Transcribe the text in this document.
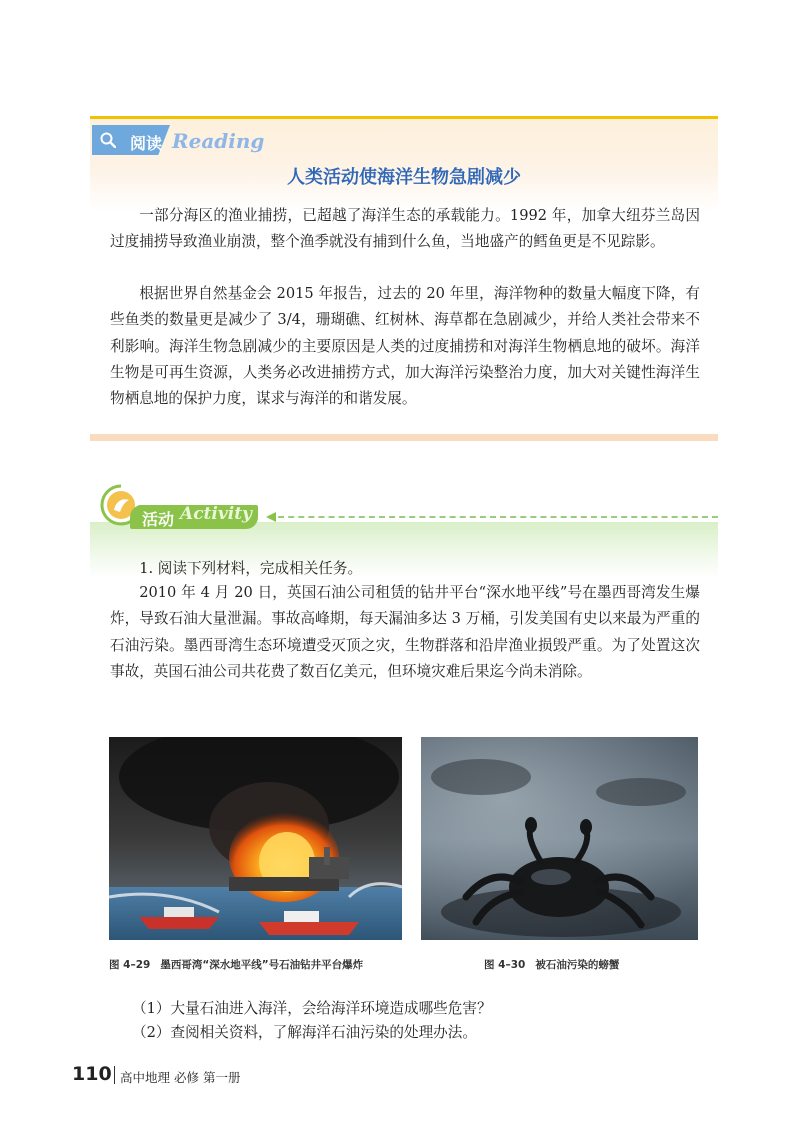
阅读 Reading
人类活动使海洋生物急剧减少
一部分海区的渔业捕捞，已超越了海洋生态的承载能力。1992 年，加拿大纽芬兰岛因过度捕捞导致渔业崩溃，整个渔季就没有捕到什么鱼，当地盛产的鳕鱼更是不见踪影。
根据世界自然基金会 2015 年报告，过去的 20 年里，海洋物种的数量大幅度下降，有些鱼类的数量更是减少了 3/4，珊瑚礁、红树林、海草都在急剧减少，并给人类社会带来不利影响。海洋生物急剧减少的主要原因是人类的过度捕捞和对海洋生物栖息地的破坏。海洋生物是可再生资源，人类务必改进捕捞方式，加大海洋污染整治力度，加大对关键性海洋生物栖息地的保护力度，谋求与海洋的和谐发展。
活动 Activity
1. 阅读下列材料，完成相关任务。
2010 年 4 月 20 日，英国石油公司租赁的钻井平台“深水地平线”号在墨西哥湾发生爆炸，导致石油大量泄漏。事故高峰期，每天漏油多达 3 万桶，引发美国有史以来最为严重的石油污染。墨西哥湾生态环境遭受灭顶之灾，生物群落和沿岸渔业损毁严重。为了处置这次事故，英国石油公司共花费了数百亿美元，但环境灾难后果迄今尚未消除。
图 4–29 墨西哥湾“深水地平线”号石油钻井平台爆炸	图 4–30 被石油污染的螃蟹
（1）大量石油进入海洋，会给海洋环境造成哪些危害？
（2）查阅相关资料，了解海洋石油污染的处理办法。
110 高中地理 必修 第一册
